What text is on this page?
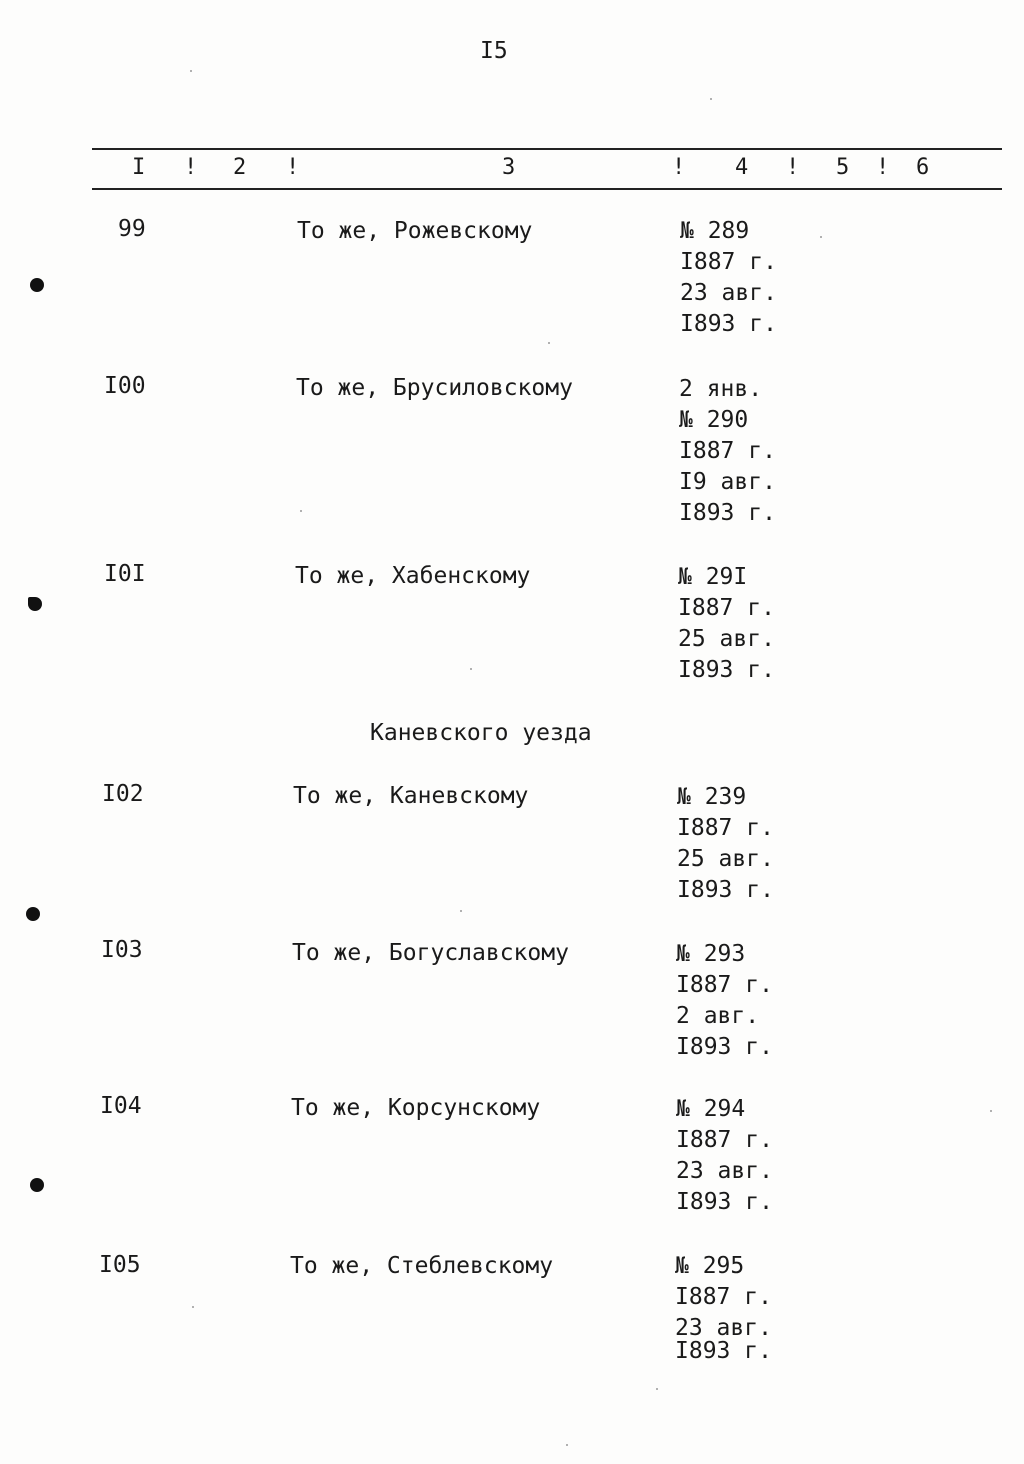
I5
I ! 2 !	3	! 4 ! 5 ! 6
99	То же, Рожевскому	№ 289
I887 г.
23 авг.
I893 г.
I00	То же, Брусиловскому	2 янв.
№ 290
I887 г.
I9 авг.
I893 г.
I0I	То же, Хабенскому	№ 29I
I887 г.
25 авг.
I893 г.
Каневского уезда
I02	То же, Каневскому	№ 239
I887 г.
25 авг.
I893 г.
I03	То же, Богуславскому	№ 293
I887 г.
2 авг.
I893 г.
I04	То же, Корсунскому	№ 294
I887 г.
23 авг.
I893 г.
I05	То же, Стеблевскому	№ 295
I887 г.
23 авг.
I893 г.
